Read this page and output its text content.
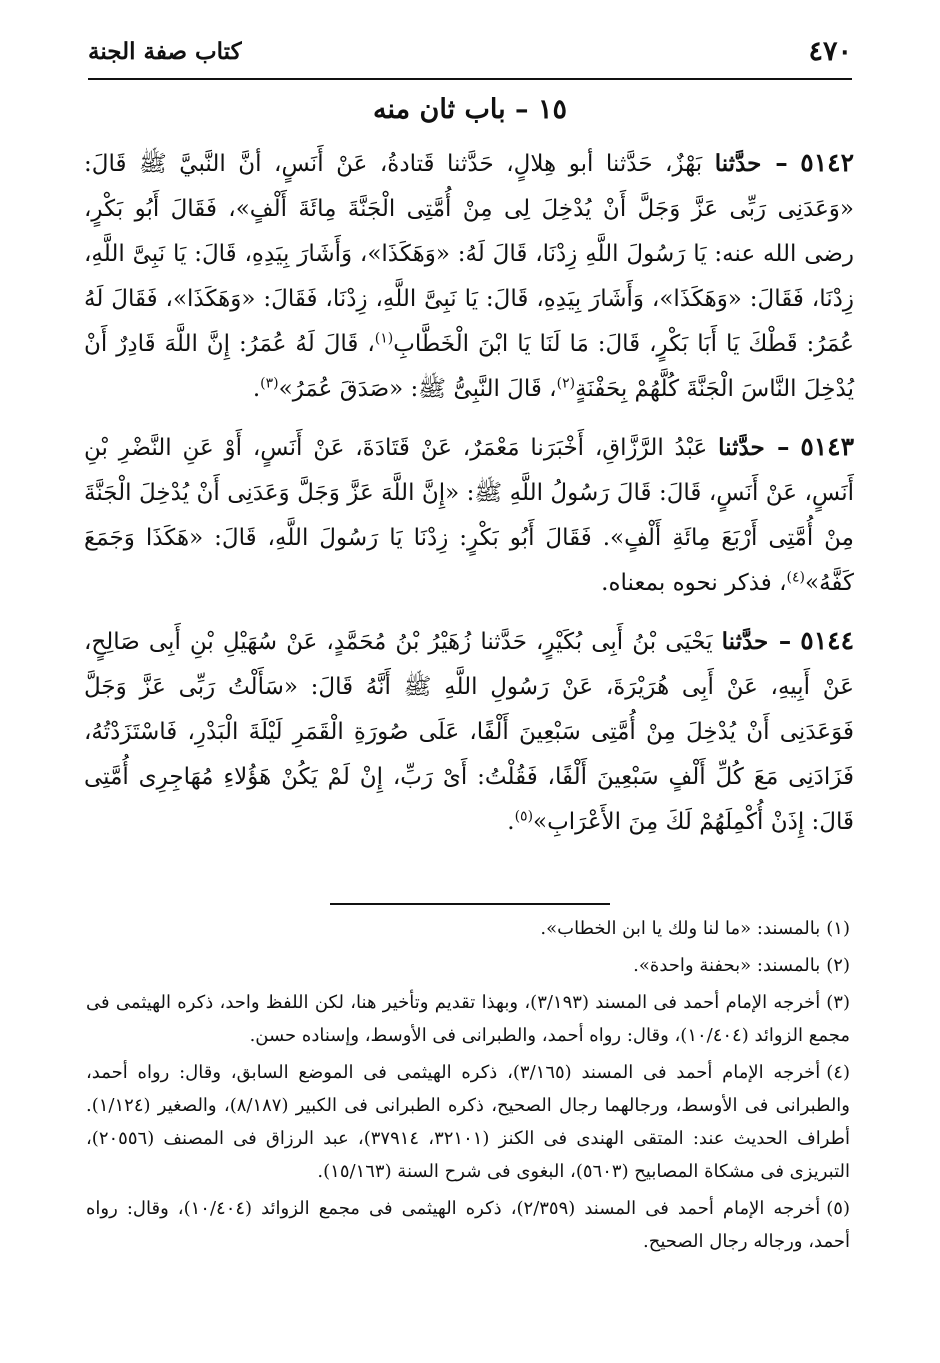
٤٧٠
كتاب صفة الجنة
١٥ – باب ثان منه

٥١٤٢ – حدَّثنا بَهْزٌ، حَدَّثنا أبو هِلالٍ، حَدَّثنا قَتادةُ، عَنْ أَنَسٍ، أنَّ النَّبيَّ ﷺ قَالَ: «وَعَدَنِى رَبِّى عَزَّ وَجَلَّ أَنْ يُدْخِلَ لِى مِنْ أُمَّتِى الْجَنَّةَ مِائَةَ أَلْفٍ»، فَقَالَ أَبُو بَكْرٍ، رضى الله عنه: يَا رَسُولَ اللَّهِ زِدْنَا، قَالَ لَهُ: «وَهَكَذَا»، وَأَشَارَ بِيَدِهِ، قَالَ: يَا نَبِىَّ اللَّهِ، زِدْنَا، فَقَالَ: «وَهَكَذَا»، وَأَشَارَ بِيَدِهِ، قَالَ: يَا نَبِىَّ اللَّهِ، زِدْنَا، فَقَالَ: «وَهَكَذَا»، فَقَالَ لَهُ عُمَرُ: قَطْكَ يَا أَبَا بَكْرٍ، قَالَ: مَا لَنَا يَا ابْنَ الْخَطَّابِ$^{(١)}$، قَالَ لَهُ عُمَرُ: إِنَّ اللَّهَ قَادِرٌ أَنْ يُدْخِلَ النَّاسَ الْجَنَّةَ كُلَّهُمْ بِحَفْنَةٍ$^{(٢)}$، قَالَ النَّبِىُّ ﷺ: «صَدَقَ عُمَرُ»$^{(٣)}$.

٥١٤٣ – حدَّثنا عَبْدُ الرَّزَّاقِ، أَخْبَرَنا مَعْمَرٌ، عَنْ قَتَادَةَ، عَنْ أَنَسٍ، أَوْ عَنِ النَّضْرِ بْنِ أَنَسٍ، عَنْ أَنَسٍ، قَالَ: قَالَ رَسُولُ اللَّهِ ﷺ: «إِنَّ اللَّهَ عَزَّ وَجَلَّ وَعَدَنِى أَنْ يُدْخِلَ الْجَنَّةَ مِنْ أُمَّتِى أَرْبَعَ مِائَةِ أَلْفٍ». فَقَالَ أَبُو بَكْرٍ: زِدْنَا يَا رَسُولَ اللَّهِ، قَالَ: «هَكَذَا وَجَمَعَ كَفَّهُ»$^{(٤)}$، فذكر نحوه بمعناه.

٥١٤٤ – حدَّثنا يَحْيَى بْنُ أَبِى بُكَيْرٍ، حَدَّثنا زُهَيْرُ بْنُ مُحَمَّدٍ، عَنْ سُهَيْلِ بْنِ أَبِى صَالِحٍ، عَنْ أَبِيهِ، عَنْ أَبِى هُرَيْرَةَ، عَنْ رَسُولِ اللَّهِ ﷺ أَنَّهُ قَالَ: «سَأَلْتُ رَبِّى عَزَّ وَجَلَّ فَوَعَدَنِى أَنْ يُدْخِلَ مِنْ أُمَّتِى سَبْعِينَ أَلْفًا، عَلَى صُورَةِ الْقَمَرِ لَيْلَةَ الْبَدْرِ، فَاسْتَزَدْتُهُ، فَزَادَنِى مَعَ كُلِّ أَلْفٍ سَبْعِينَ أَلْفًا، فَقُلْتُ: أَىْ رَبِّ، إِنْ لَمْ يَكُنْ هَؤُلاءِ مُهَاجِرِى أُمَّتِى قَالَ: إِذَنْ أُكْمِلَهُمْ لَكَ مِنَ الأَعْرَابِ»$^{(٥)}$.

(١)بالمسند: «ما لنا ولك يا ابن الخطاب».

(٢)بالمسند: «بحفنة واحدة».

(٣)أخرجه الإمام أحمد فى المسند (٣/١٩٣)، وبهذا تقديم وتأخير هنا، لكن اللفظ واحد، ذكره الهيثمى فى مجمع الزوائد (١٠/٤٠٤)، وقال: رواه أحمد، والطبرانى فى الأوسط، وإسناده حسن.

(٤)أخرجه الإمام أحمد فى المسند (٣/١٦٥)، ذكره الهيثمى فى الموضع السابق، وقال: رواه أحمد، والطبرانى فى الأوسط، ورجالهما رجال الصحيح، ذكره الطبرانى فى الكبير (٨/١٨٧)، والصغير (١/١٢٤). أطراف الحديث عند: المتقى الهندى فى الكنز (٣٢١٠١، ٣٧٩١٤)، عبد الرزاق فى المصنف (٢٠٥٥٦)، التبريزى فى مشكاة المصابيح (٥٦٠٣)، البغوى فى شرح السنة (١٥/١٦٣).

(٥)أخرجه الإمام أحمد فى المسند (٢/٣٥٩)، ذكره الهيثمى فى مجمع الزوائد (١٠/٤٠٤)، وقال: رواه أحمد، ورجاله رجال الصحيح.
